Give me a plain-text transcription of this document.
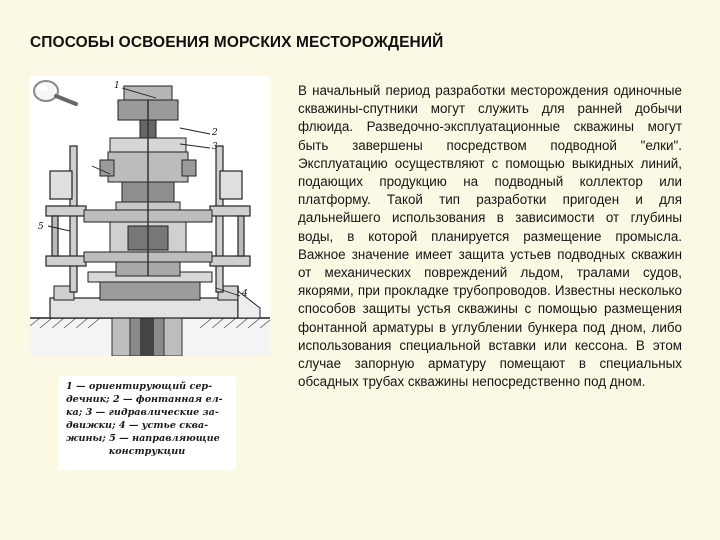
СПОСОБЫ ОСВОЕНИЯ МОРСКИХ МЕСТОРОЖДЕНИЙ
1
2
3
4
5

1 — ориентирующий сер-

дечник; 2 — фонтанная ел-

ка; 3 — гидравлические за-

движки; 4 — устье сква-

жины; 5 — направляющие

конструкции

В начальный период разработки месторождения одиночные скважины-спутники могут служить для ранней добычи флюида. Разведочно-эксплуатационные скважины могут быть завершены посредством подводной "елки". Эксплуатацию осуществляют с помощью выкидных линий, подающих продукцию на подводный коллектор или платформу. Такой тип разработки пригоден и для дальнейшего использования в зависимости от глубины воды, в которой планируется размещение промысла. Важное значение имеет защита устьев подводных скважин от механических повреждений льдом, тралами судов, якорями, при прокладке трубопроводов. Известны несколько способов защиты устья скважины с помощью размещения фонтанной арматуры в углублении бункера под дном, либо использования специальной вставки или кессона. В этом случае запорную арматуру помещают в специальных обсадных трубах скважины непосредственно под дном.
